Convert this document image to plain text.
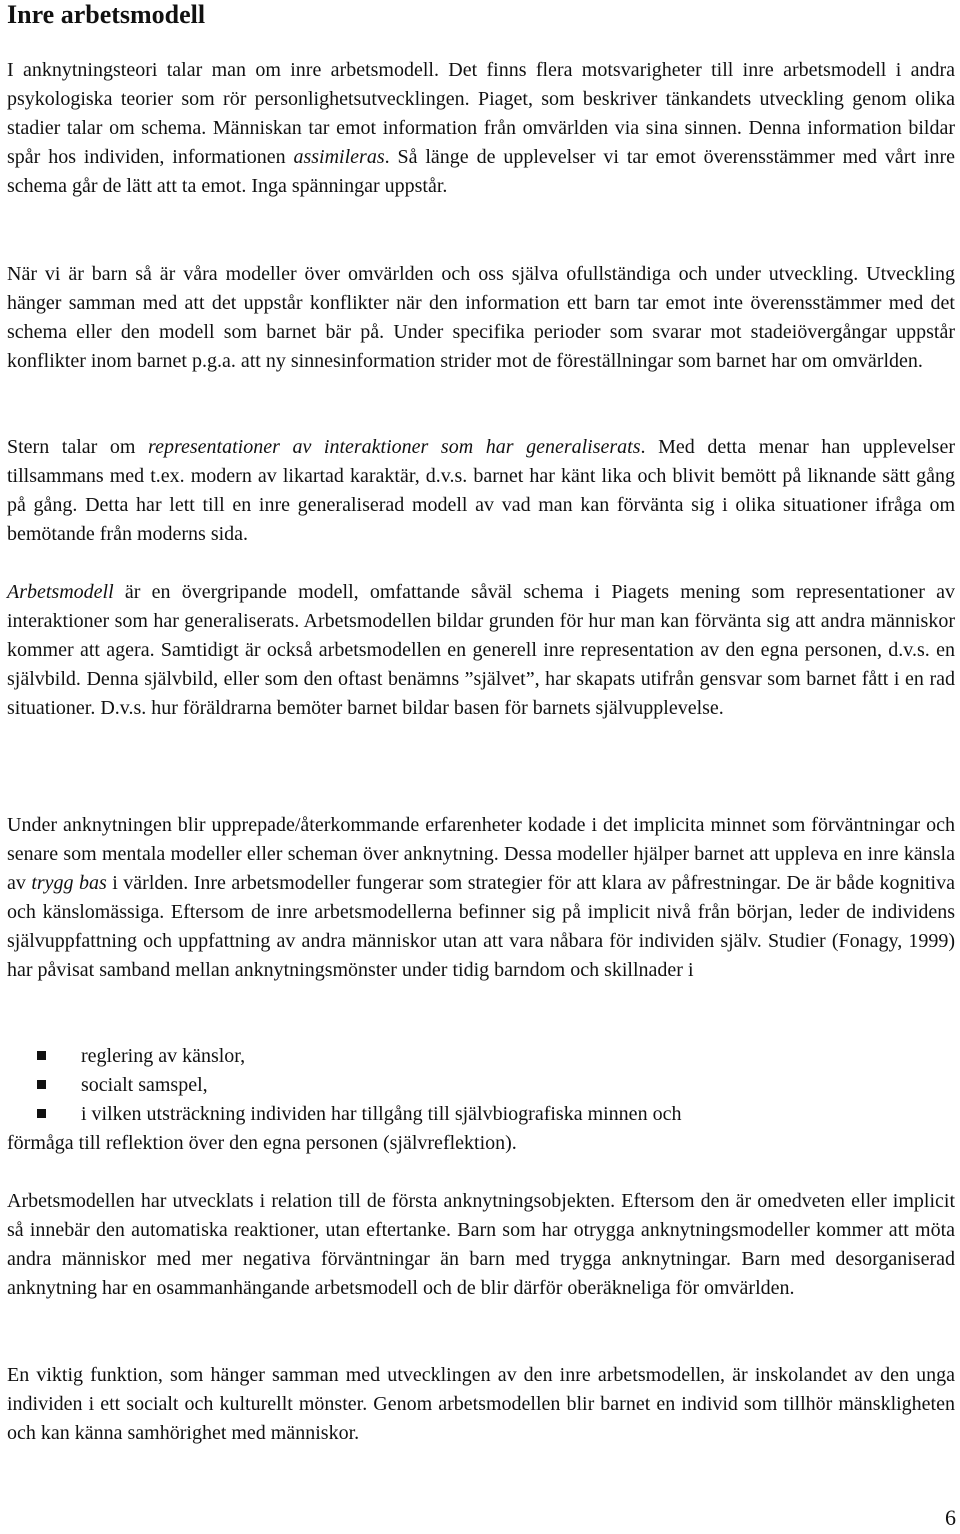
Inre arbetsmodell

I anknytningsteori talar man om inre arbetsmodell. Det finns flera motsvarigheter till inre arbetsmodell i andra psykologiska teorier som rör personlighetsutvecklingen. Piaget, som beskriver tänkandets utveckling genom olika stadier talar om schema. Människan tar emot information från omvärlden via sina sinnen. Denna information bildar spår hos individen, informationen assimileras. Så länge de upplevelser vi tar emot överensstämmer med vårt inre schema går de lätt att ta emot. Inga spänningar uppstår.

När vi är barn så är våra modeller över omvärlden och oss själva ofullständiga och under utveckling. Utveckling hänger samman med att det uppstår konflikter när den information ett barn tar emot inte överensstämmer med det schema eller den modell som barnet bär på. Under specifika perioder som svarar mot stadeiövergångar uppstår konflikter inom barnet p.g.a. att ny sinnesinformation strider mot de föreställningar som barnet har om omvärlden.

Stern talar om representationer av interaktioner som har generaliserats. Med detta menar han upplevelser tillsammans med t.ex. modern av likartad karaktär, d.v.s. barnet har känt lika och blivit bemött på liknande sätt gång på gång. Detta har lett till en inre generaliserad modell av vad man kan förvänta sig i olika situationer ifråga om bemötande från moderns sida.

Arbetsmodell är en övergripande modell, omfattande såväl schema i Piagets mening som representationer av interaktioner som har generaliserats. Arbetsmodellen bildar grunden för hur man kan förvänta sig att andra människor kommer att agera. Samtidigt är också arbetsmodellen en generell inre representation av den egna personen, d.v.s. en självbild. Denna självbild, eller som den oftast benämns ”självet”, har skapats utifrån gensvar som barnet fått i en rad situationer. D.v.s. hur föräldrarna bemöter barnet bildar basen för barnets självupplevelse.

Under anknytningen blir upprepade/återkommande erfarenheter kodade i det implicita minnet som förväntningar och senare som mentala modeller eller scheman över anknytning. Dessa modeller hjälper barnet att uppleva en inre känsla av trygg bas i världen. Inre arbetsmodeller fungerar som strategier för att klara av påfrestningar. De är både kognitiva och känslomässiga. Eftersom de inre arbetsmodellerna befinner sig på implicit nivå från början, leder de individens självuppfattning och uppfattning av andra människor utan att vara nåbara för individen själv. Studier (Fonagy, 1999) har påvisat samband mellan anknytningsmönster under tidig barndom och skillnader i

reglering av känslor,
socialt samspel,
i vilken utsträckning individen har tillgång till självbiografiska minnen och

förmåga till reflektion över den egna personen (självreflektion).

Arbetsmodellen har utvecklats i relation till de första anknytningsobjekten. Eftersom den är omedveten eller implicit så innebär den automatiska reaktioner, utan eftertanke. Barn som har otrygga anknytningsmodeller kommer att möta andra människor med mer negativa förväntningar än barn med trygga anknytningar. Barn med desorganiserad anknytning har en osammanhängande arbetsmodell och de blir därför oberäkneliga för omvärlden.

En viktig funktion, som hänger samman med utvecklingen av den inre arbetsmodellen, är inskolandet av den unga individen i ett socialt och kulturellt mönster. Genom arbetsmodellen blir barnet en individ som tillhör mänskligheten och kan känna samhörighet med människor.

6
